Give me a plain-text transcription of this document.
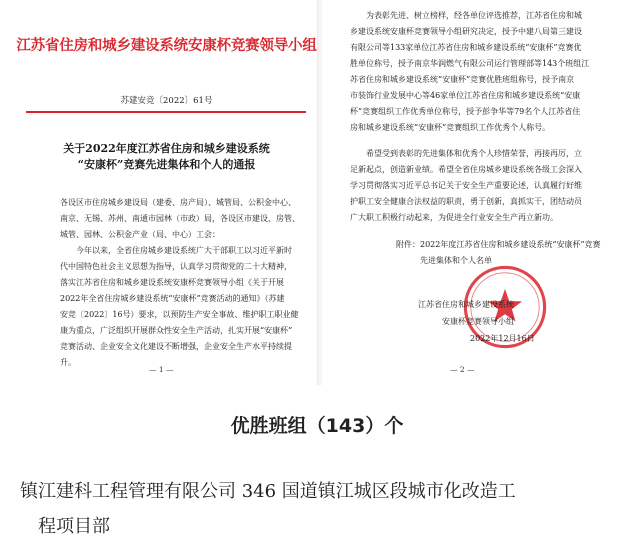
江苏省住房和城乡建设系统安康杯竞赛领导小组
苏建安竞〔2022〕61号
关于2022年度江苏省住房和城乡建设系统
“安康杯”竞赛先进集体和个人的通报
各设区市住房城乡建设局（建委、房产局）、城管局、公积金中心、
南京、无锡、苏州、南通市园林（市政）局，各设区市建设、房管、
城管、园林、公积金产业（局、中心）工会：
今年以来，全省住房城乡建设系统广大干部职工以习近平新时
代中国特色社会主义思想为指导，认真学习贯彻党的二十大精神，
落实江苏省住房和城乡建设系统安康杯竞赛领导小组《关于开展
2022年全省住房城乡建设系统“安康杯”竞赛活动的通知》（苏建
安竞〔2022〕16号）要求，以预防生产安全事故、维护职工职业健
康为重点，广泛组织开展群众性安全生产活动，扎实开展“安康杯”
竞赛活动、企业安全文化建设不断增强，企业安全生产水平持续提
升。
— 1 —
为表彰先进、树立榜样，经各单位评选推荐，江苏省住房和城
乡建设系统安康杯竞赛领导小组研究决定，授予中建八局第三建设
有限公司等133家单位江苏省住房和城乡建设系统“安康杯”竞赛优
胜单位称号，授予南京华润燃气有限公司运行管理部等143个班组江
苏省住房和城乡建设系统“安康杯”竞赛优胜班组称号，授予南京
市装饰行业发展中心等46家单位江苏省住房和城乡建设系统“安康
杯”竞赛组织工作优秀单位称号，授予彭争华等79名个人江苏省住
房和城乡建设系统“安康杯”竞赛组织工作优秀个人称号。
希望受到表彰的先进集体和优秀个人珍惜荣誉，再接再厉，立
足新起点，创造新业绩。希望全省住房城乡建设系统各级工会深入
学习贯彻落实习近平总书记关于安全生产重要论述，认真履行好维
护职工安全健康合法权益的职责，勇于创新，真抓实干，团结动员
广大职工积极行动起来，为促进全行业安全生产再立新功。
附件：2022年度江苏省住房和城乡建设系统“安康杯”竞赛
先进集体和个人名单
江苏省住房和城乡建设系统
安康杯竞赛领导小组
2022年12月16日
— 2 —
优胜班组（143）个
镇江建科工程管理有限公司 346 国道镇江城区段城市化改造工
程项目部
